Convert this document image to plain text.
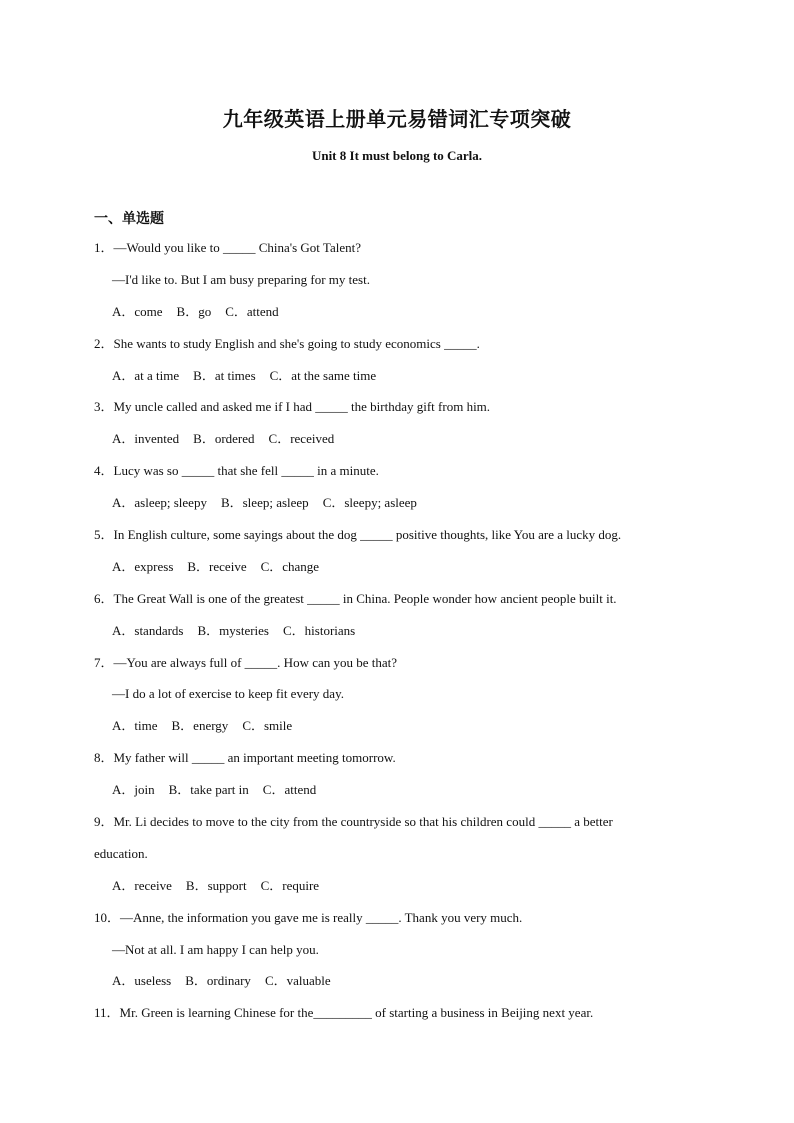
九年级英语上册单元易错词汇专项突破
Unit 8 It must belong to Carla.
一、单选题
1．—Would you like to _____ China's Got Talent?
—I'd like to. But I am busy preparing for my test.
A．come B．go C．attend
2．She wants to study English and she's going to study economics _____.
A．at a time B．at times C．at the same time
3．My uncle called and asked me if I had _____ the birthday gift from him.
A．invented B．ordered C．received
4．Lucy was so _____ that she fell _____ in a minute.
A．asleep; sleepy B．sleep; asleep C．sleepy; asleep
5．In English culture, some sayings about the dog _____ positive thoughts, like You are a lucky dog.
A．express B．receive C．change
6．The Great Wall is one of the greatest _____ in China. People wonder how ancient people built it.
A．standards B．mysteries C．historians
7．—You are always full of _____. How can you be that?
—I do a lot of exercise to keep fit every day.
A．time B．energy C．smile
8．My father will _____ an important meeting tomorrow.
A．join B．take part in C．attend
9．Mr. Li decides to move to the city from the countryside so that his children could _____ a better
education.
A．receive B．support C．require
10．—Anne, the information you gave me is really _____. Thank you very much.
—Not at all. I am happy I can help you.
A．useless B．ordinary C．valuable
11．Mr. Green is learning Chinese for the_________ of starting a business in Beijing next year.
